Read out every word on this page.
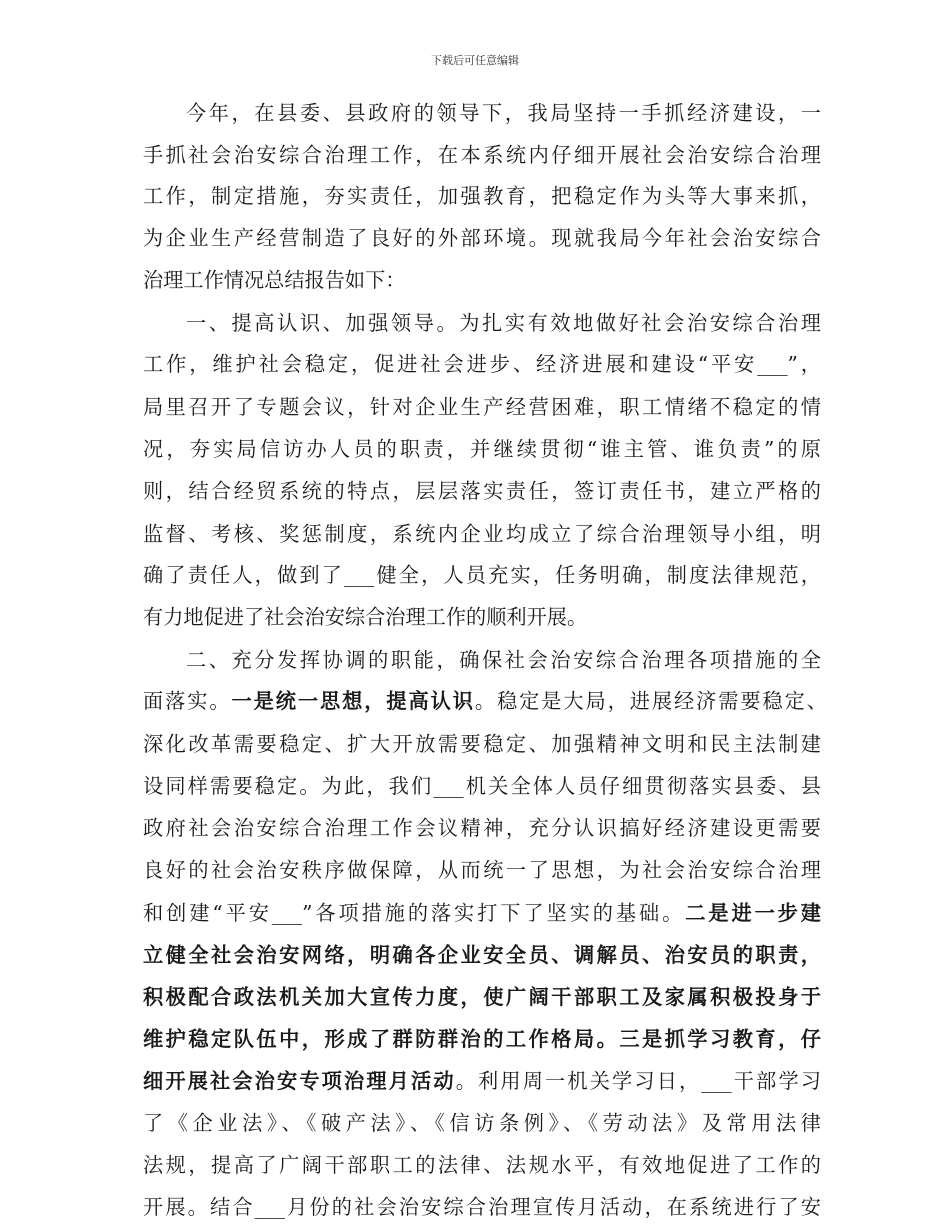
下载后可任意编辑
今年，在县委、县政府的领导下，我局坚持一手抓经济建设，一
手抓社会治安综合治理工作，在本系统内仔细开展社会治安综合治理
工作，制定措施，夯实责任，加强教育，把稳定作为头等大事来抓，
为企业生产经营制造了良好的外部环境。现就我局今年社会治安综合
治理工作情况总结报告如下：
一、提高认识、加强领导。为扎实有效地做好社会治安综合治理
工作，维护社会稳定，促进社会进步、经济进展和建设“平安___”，
局里召开了专题会议，针对企业生产经营困难，职工情绪不稳定的情
况，夯实局信访办人员的职责，并继续贯彻“谁主管、谁负责”的原
则，结合经贸系统的特点，层层落实责任，签订责任书，建立严格的
监督、考核、奖惩制度，系统内企业均成立了综合治理领导小组，明
确了责任人，做到了___健全，人员充实，任务明确，制度法律规范，
有力地促进了社会治安综合治理工作的顺利开展。
二、充分发挥协调的职能，确保社会治安综合治理各项措施的全
面落实。一是统一思想，提高认识。稳定是大局，进展经济需要稳定、
深化改革需要稳定、扩大开放需要稳定、加强精神文明和民主法制建
设同样需要稳定。为此，我们___机关全体人员仔细贯彻落实县委、县
政府社会治安综合治理工作会议精神，充分认识搞好经济建设更需要
良好的社会治安秩序做保障，从而统一了思想，为社会治安综合治理
和创建“平安___”各项措施的落实打下了坚实的基础。二是进一步建
立健全社会治安网络，明确各企业安全员、调解员、治安员的职责，
积极配合政法机关加大宣传力度，使广阔干部职工及家属积极投身于
维护稳定队伍中，形成了群防群治的工作格局。三是抓学习教育，仔
细开展社会治安专项治理月活动。利用周一机关学习日，___干部学习
了《企业法》、《破产法》、《信访条例》、《劳动法》及常用法律
法规，提高了广阔干部职工的法律、法规水平，有效地促进了工作的
开展。结合___月份的社会治安综合治理宣传月活动，在系统进行了安
